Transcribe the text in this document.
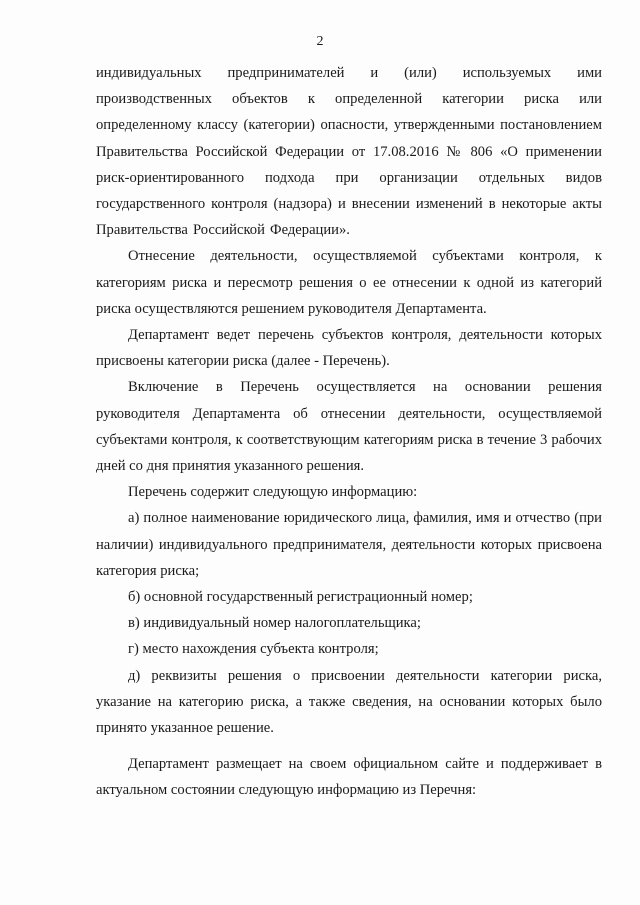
2

индивидуальных предпринимателей и (или) используемых ими производственных объектов к определенной категории риска или определенному классу (категории) опасности, утвержденными постановлением Правительства Российской Федерации от 17.08.2016 № 806 «О применении риск-ориентированного подхода при организации отдельных видов государственного контроля (надзора) и внесении изменений в некоторые акты Правительства Российской Федерации».

Отнесение деятельности, осуществляемой субъектами контроля, к категориям риска и пересмотр решения о ее отнесении к одной из категорий риска осуществляются решением руководителя Департамента.

Департамент ведет перечень субъектов контроля, деятельности которых присвоены категории риска (далее - Перечень).

Включение в Перечень осуществляется на основании решения руководителя Департамента об отнесении деятельности, осуществляемой субъектами контроля, к соответствующим категориям риска в течение 3 рабочих дней со дня принятия указанного решения.

Перечень содержит следующую информацию:

а) полное наименование юридического лица, фамилия, имя и отчество (при наличии) индивидуального предпринимателя, деятельности которых присвоена категория риска;

б) основной государственный регистрационный номер;

в) индивидуальный номер налогоплательщика;

г) место нахождения субъекта контроля;

д) реквизиты решения о присвоении деятельности категории риска, указание на категорию риска, а также сведения, на основании которых было принято указанное решение.

Департамент размещает на своем официальном сайте и поддерживает в актуальном состоянии следующую информацию из Перечня:
